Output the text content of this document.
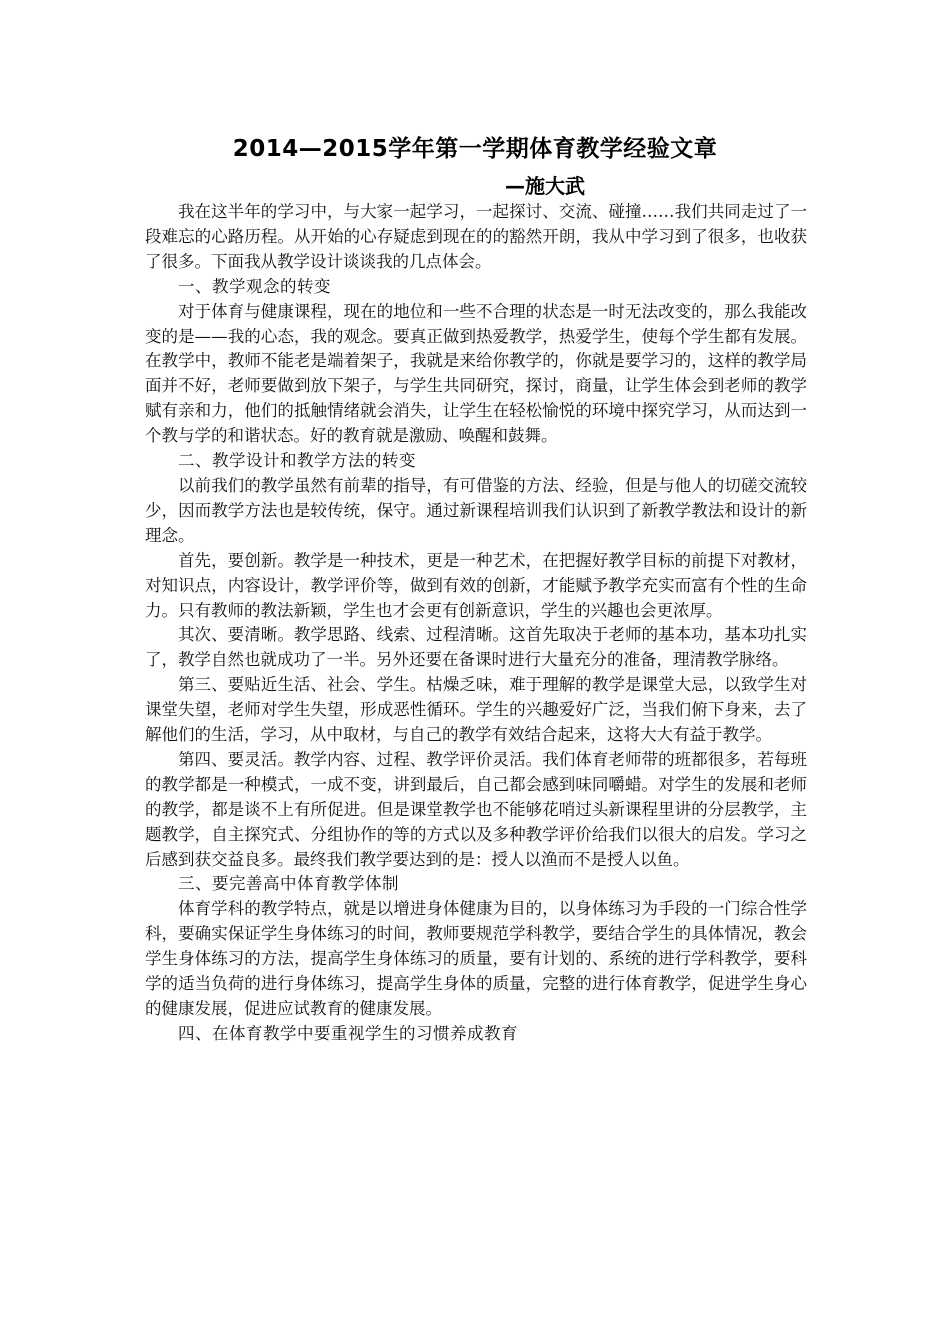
2014—2015学年第一学期体育教学经验文章
—施大武

我在这半年的学习中，与大家一起学习，一起探讨、交流、碰撞……我们共同走过了一段难忘的心路历程。从开始的心存疑虑到现在的的豁然开朗，我从中学习到了很多，也收获了很多。下面我从教学设计谈谈我的几点体会。

一、教学观念的转变

对于体育与健康课程，现在的地位和一些不合理的状态是一时无法改变的，那么我能改变的是——我的心态，我的观念。要真正做到热爱教学，热爱学生，使每个学生都有发展。在教学中，教师不能老是端着架子，我就是来给你教学的，你就是要学习的，这样的教学局面并不好，老师要做到放下架子，与学生共同研究，探讨，商量，让学生体会到老师的教学赋有亲和力，他们的抵触情绪就会消失，让学生在轻松愉悦的环境中探究学习，从而达到一个教与学的和谐状态。好的教育就是激励、唤醒和鼓舞。

二、教学设计和教学方法的转变

以前我们的教学虽然有前辈的指导，有可借鉴的方法、经验，但是与他人的切磋交流较少，因而教学方法也是较传统，保守。通过新课程培训我们认识到了新教学教法和设计的新理念。

首先，要创新。教学是一种技术，更是一种艺术，在把握好教学目标的前提下对教材，对知识点，内容设计，教学评价等，做到有效的创新，才能赋予教学充实而富有个性的生命力。只有教师的教法新颖，学生也才会更有创新意识，学生的兴趣也会更浓厚。

其次、要清晰。教学思路、线索、过程清晰。这首先取决于老师的基本功，基本功扎实了，教学自然也就成功了一半。另外还要在备课时进行大量充分的准备，理清教学脉络。

第三、要贴近生活、社会、学生。枯燥乏味，难于理解的教学是课堂大忌，以致学生对课堂失望，老师对学生失望，形成恶性循环。学生的兴趣爱好广泛，当我们俯下身来，去了解他们的生活，学习，从中取材，与自己的教学有效结合起来，这将大大有益于教学。

第四、要灵活。教学内容、过程、教学评价灵活。我们体育老师带的班都很多，若每班的教学都是一种模式，一成不变，讲到最后，自己都会感到味同嚼蜡。对学生的发展和老师的教学，都是谈不上有所促进。但是课堂教学也不能够花哨过头新课程里讲的分层教学，主题教学，自主探究式、分组协作的等的方式以及多种教学评价给我们以很大的启发。学习之后感到获交益良多。最终我们教学要达到的是：授人以渔而不是授人以鱼。

三、要完善高中体育教学体制

体育学科的教学特点，就是以增进身体健康为目的，以身体练习为手段的一门综合性学科，要确实保证学生身体练习的时间，教师要规范学科教学，要结合学生的具体情况，教会学生身体练习的方法，提高学生身体练习的质量，要有计划的、系统的进行学科教学，要科学的适当负荷的进行身体练习，提高学生身体的质量，完整的进行体育教学，促进学生身心的健康发展，促进应试教育的健康发展。

四、在体育教学中要重视学生的习惯养成教育
